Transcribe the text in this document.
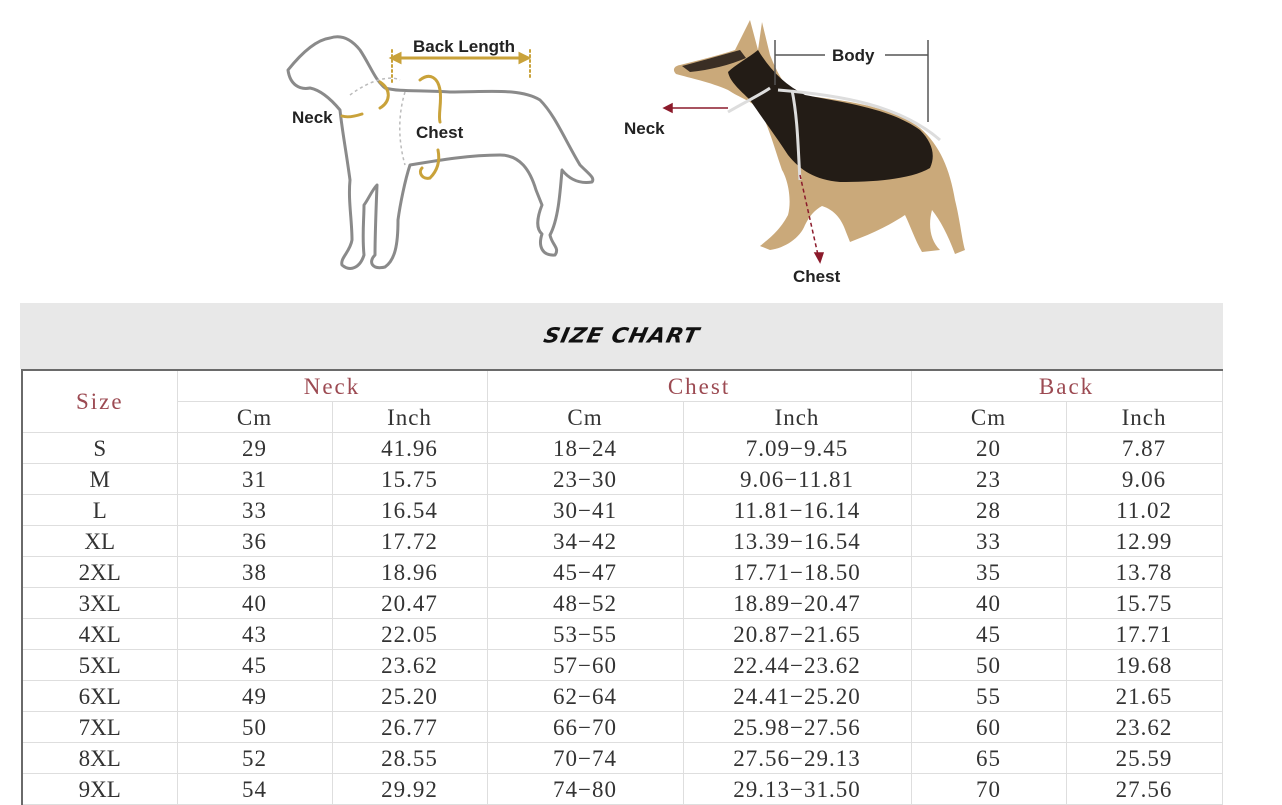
Back Length
Neck
Chest
Body
Neck
Chest
SIZE CHART
Size	Neck		Chest		Back	
	Cm	Inch	Cm	Inch	Cm	Inch
S	29	41.96	18−24	7.09−9.45	20	7.87
M	31	15.75	23−30	9.06−11.81	23	9.06
L	33	16.54	30−41	11.81−16.14	28	11.02
XL	36	17.72	34−42	13.39−16.54	33	12.99
2XL	38	18.96	45−47	17.71−18.50	35	13.78
3XL	40	20.47	48−52	18.89−20.47	40	15.75
4XL	43	22.05	53−55	20.87−21.65	45	17.71
5XL	45	23.62	57−60	22.44−23.62	50	19.68
6XL	49	25.20	62−64	24.41−25.20	55	21.65
7XL	50	26.77	66−70	25.98−27.56	60	23.62
8XL	52	28.55	70−74	27.56−29.13	65	25.59
9XL	54	29.92	74−80	29.13−31.50	70	27.56
